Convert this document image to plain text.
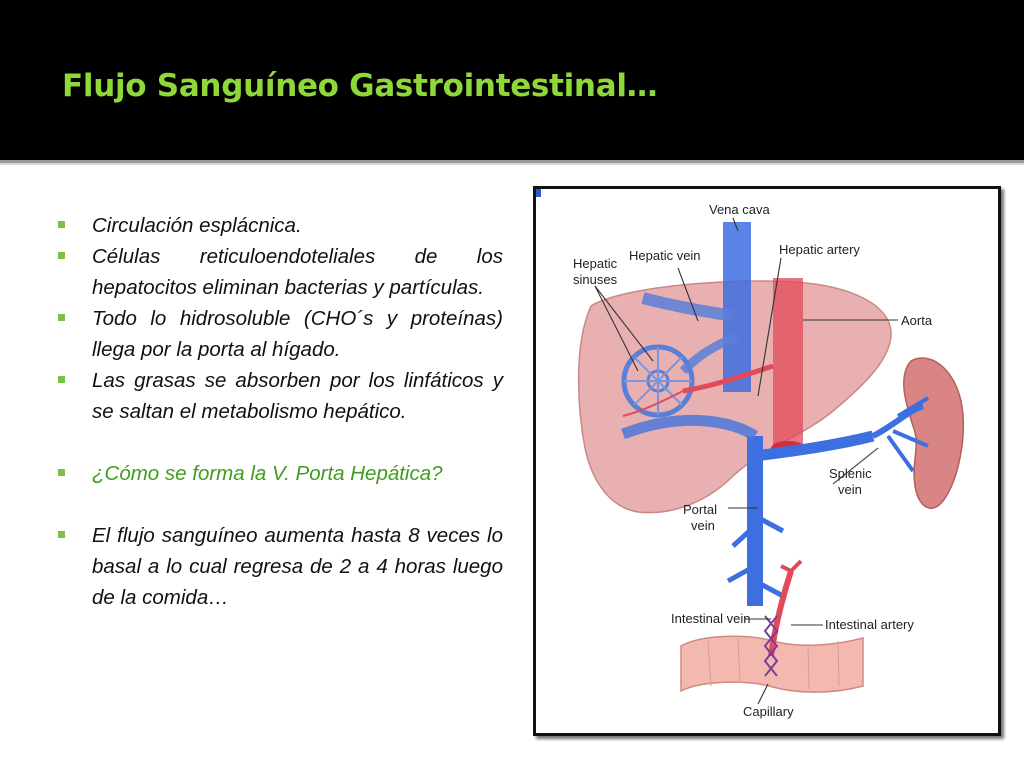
Flujo Sanguíneo Gastrointestinal…
Circulación esplácnica.
Células reticuloendoteliales de los hepatocitos eliminan bacterias y partículas.
Todo lo hidrosoluble (CHO´s y proteínas) llega por la porta al hígado.
Las grasas se absorben por los linfáticos y se saltan el metabolismo hepático.
¿Cómo se forma la V. Porta Hepática?
El flujo sanguíneo aumenta hasta 8 veces lo basal a lo cual regresa de 2 a 4 horas luego de la comida…
Vena cava
Hepatic vein	Hepatic artery
Hepatic
sinuses
Aorta
Splenic
vein
Portal
vein
Intestinal vein	Intestinal artery
Capillary
